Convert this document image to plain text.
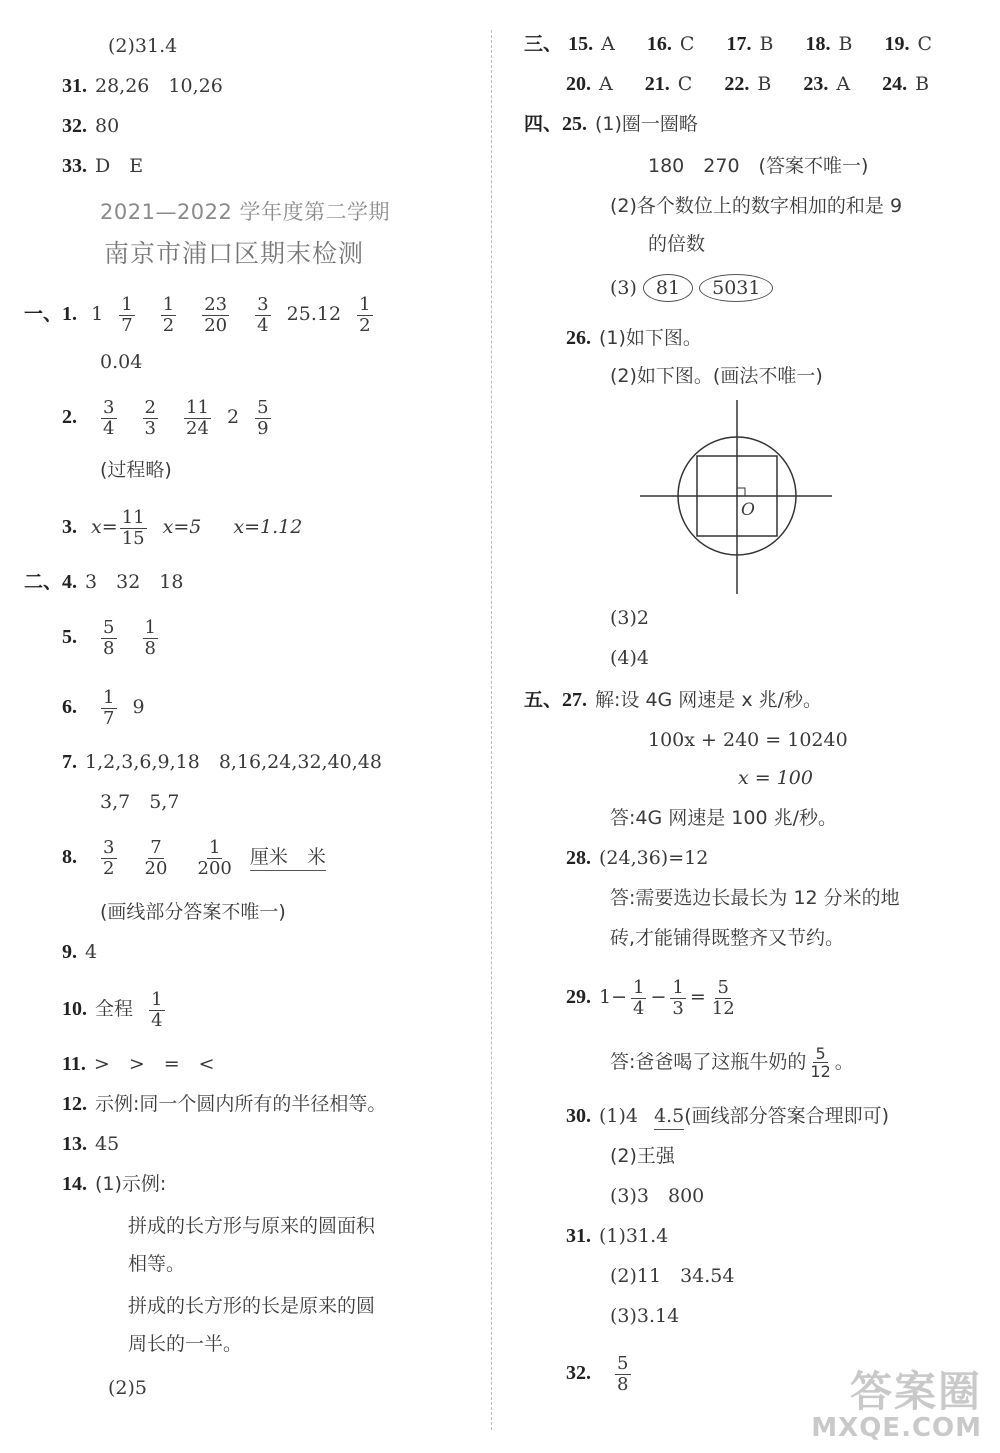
(2)31.4
31. 28,26　10,26
32. 80
33. D　E
2021—2022 学年度第二学期
南京市浦口区期末检测
一、1. $1 \frac{1}{7}$
$\frac{1}{2}$
$\frac{23}{20}$
$\frac{3}{4} 25.12 \frac{1}{2}$
0.04
2. $\frac{3}{4}$
$\frac{2}{3}$
$\frac{11}{24} 2 \frac{5}{9}$
(过程略)
3. $x= \frac{11}{15} x=5$ x=1.12
二、4. 3　32　18
5. $\frac{5}{8}$
$\frac{1}{8}$
6. $\frac{1}{7} 9$
7. 1,2,3,6,9,18　8,16,24,32,40,48
3,7　5,7
8. $\frac{3}{2}$
$\frac{7}{20}$
$\frac{1}{200}$ 厘米　米
(画线部分答案不唯一)
9. 4
10. 全程 $\frac{1}{4}$
11. >　>　=　<
12. 示例:同一个圆内所有的半径相等。
13. 45
14. (1)示例:
拼成的长方形与原来的圆面积
相等。
拼成的长方形的长是原来的圆
周长的一半。
(2)5
三、 15. A 16. C 17. B 18. B 19. C
20. A 21. C 22. B 23. A 24. B
四、25. (1)圈一圈略
180　270　(答案不唯一)
(2)各个数位上的数字相加的和是 9
的倍数
(3) 81 5031
26. (1)如下图。
(2)如下图。(画法不唯一)
O
(3)2
(4)4
五、27. 解:设 4G 网速是 x 兆/秒。
100x + 240 = 10240
x = 100
答:4G 网速是 100 兆/秒。
28. (24,36)=12
答:需要选边长最长为 12 分米的地
砖,才能铺得既整齐又节约。
29. $1- \frac{1}{4} - \frac{1}{3} = \frac{5}{12}$
答:爸爸喝了这瓶牛奶的 $\frac{5}{12}$ 。
30. (1)4 4.5(画线部分答案合理即可)
(2)王强
(3)3　800
31. (1)31.4
(2)11　34.54
(3)3.14
32. $\frac{5}{8}$	答案圈
MXQE.COM
